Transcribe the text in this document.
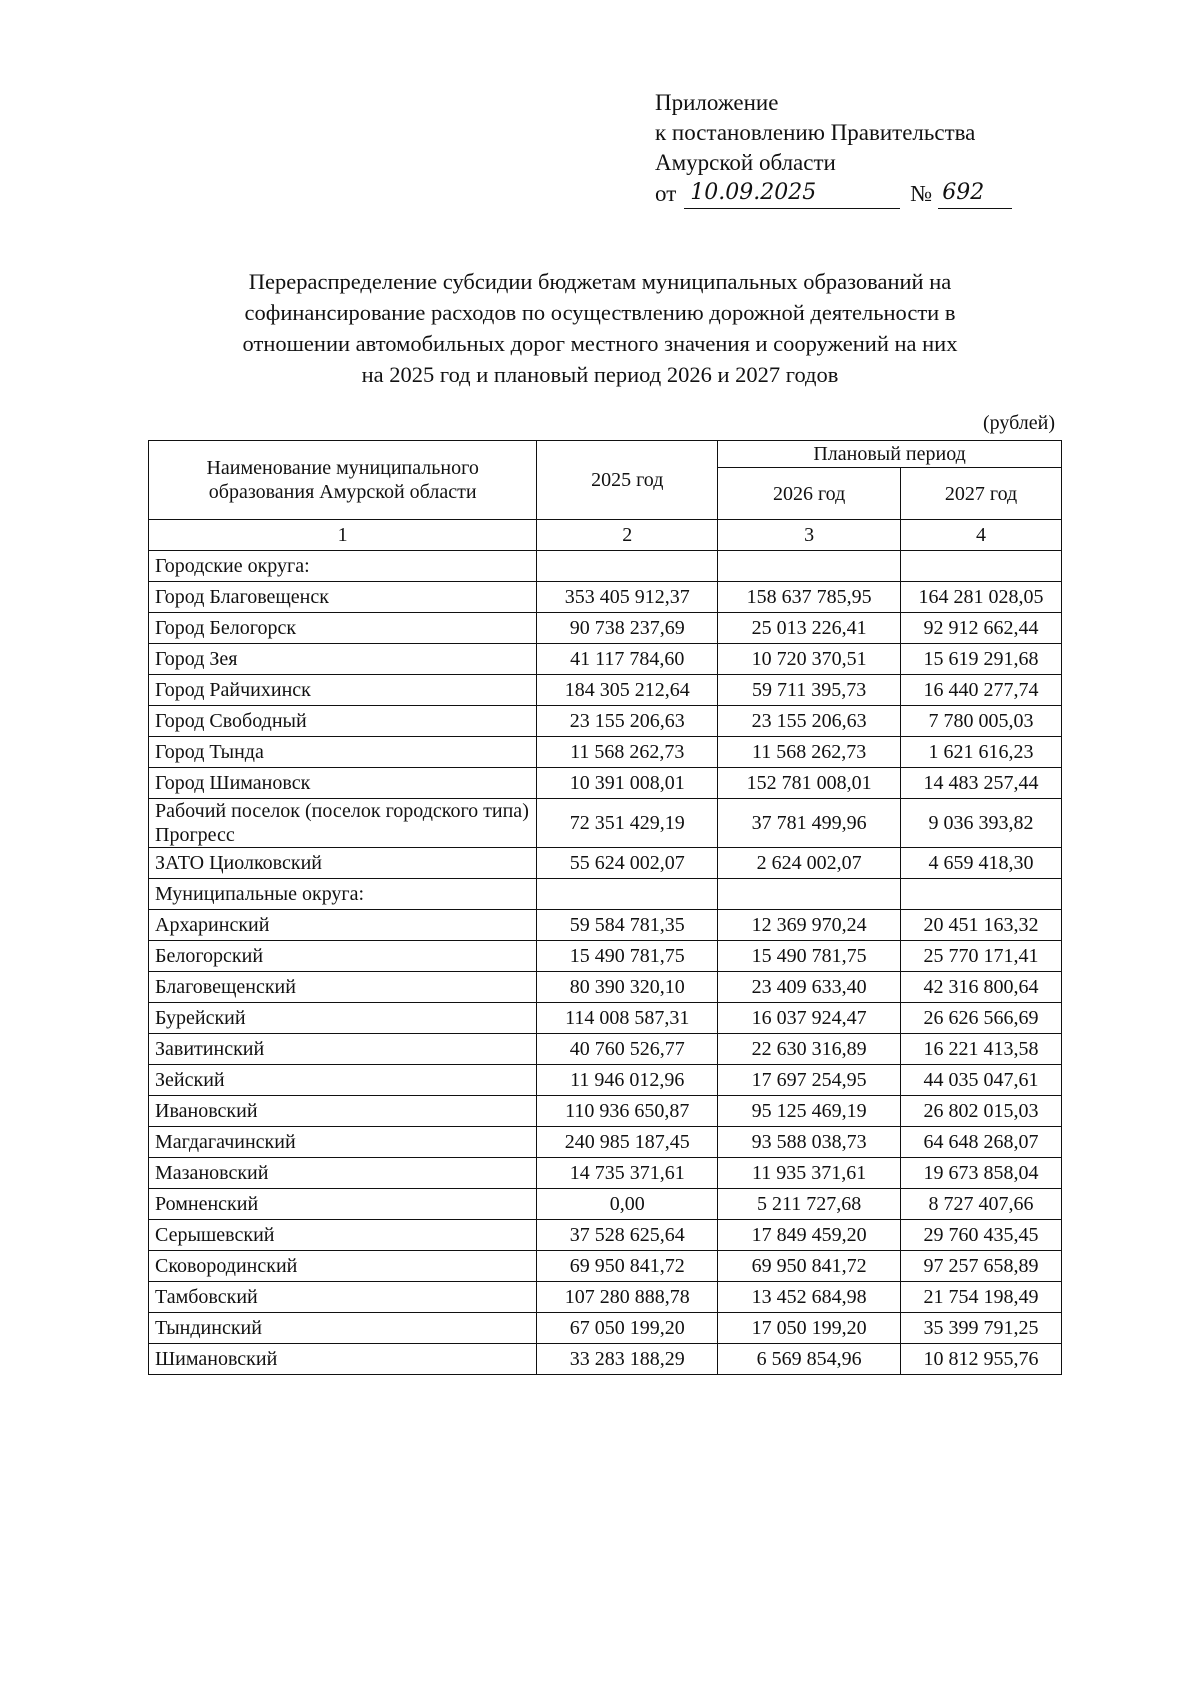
Приложение
к постановлению Правительства
Амурской области
от 10.09.2025	№ 692
Перераспределение субсидии бюджетам муниципальных образований на
софинансирование расходов по осуществлению дорожной деятельности в
отношении автомобильных дорог местного значения и сооружений на них
на 2025 год и плановый период 2026 и 2027 годов
(рублей)
Наименование муниципального образования Амурской области	2025 год	Плановый период	
		2026 год	2027 год
1	2	3	4
Городские округа:			
Город Благовещенск	353 405 912,37	158 637 785,95	164 281 028,05
Город Белогорск	90 738 237,69	25 013 226,41	92 912 662,44
Город Зея	41 117 784,60	10 720 370,51	15 619 291,68
Город Райчихинск	184 305 212,64	59 711 395,73	16 440 277,74
Город Свободный	23 155 206,63	23 155 206,63	7 780 005,03
Город Тында	11 568 262,73	11 568 262,73	1 621 616,23
Город Шимановск	10 391 008,01	152 781 008,01	14 483 257,44
Рабочий поселок (поселок городского типа) Прогресс	72 351 429,19	37 781 499,96	9 036 393,82
ЗАТО Циолковский	55 624 002,07	2 624 002,07	4 659 418,30
Муниципальные округа:			
Архаринский	59 584 781,35	12 369 970,24	20 451 163,32
Белогорский	15 490 781,75	15 490 781,75	25 770 171,41
Благовещенский	80 390 320,10	23 409 633,40	42 316 800,64
Бурейский	114 008 587,31	16 037 924,47	26 626 566,69
Завитинский	40 760 526,77	22 630 316,89	16 221 413,58
Зейский	11 946 012,96	17 697 254,95	44 035 047,61
Ивановский	110 936 650,87	95 125 469,19	26 802 015,03
Магдагачинский	240 985 187,45	93 588 038,73	64 648 268,07
Мазановский	14 735 371,61	11 935 371,61	19 673 858,04
Ромненский	0,00	5 211 727,68	8 727 407,66
Серышевский	37 528 625,64	17 849 459,20	29 760 435,45
Сковородинский	69 950 841,72	69 950 841,72	97 257 658,89
Тамбовский	107 280 888,78	13 452 684,98	21 754 198,49
Тындинский	67 050 199,20	17 050 199,20	35 399 791,25
Шимановский	33 283 188,29	6 569 854,96	10 812 955,76
